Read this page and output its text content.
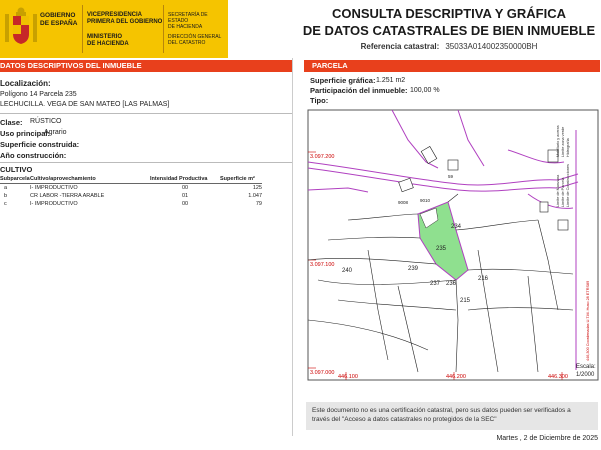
GOBIERNO
DE ESPAÑA
VICEPRESIDENCIA
PRIMERA DEL GOBIERNO
MINISTERIO
DE HACIENDA
SECRETARÍA DE ESTADO
DE HACIENDA
DIRECCIÓN GENERAL
DEL CATASTRO
CONSULTA DESCRIPTIVA Y GRÁFICA
DE DATOS CATASTRALES DE BIEN INMUEBLE
Referencia catastral: 35033A014002350000BH
DATOS DESCRIPTIVOS DEL INMUEBLE
Localización:
Polígono 14 Parcela 235
LECHUCILLA. VEGA DE SAN MATEO [LAS PALMAS]
Clase: RÚSTICO
Uso principal:
Agrario
Superficie construida:
Año construcción:
CULTIVO
Subparcela	Cultivo/aprovechamiento	Intensidad Productiva	Superficie m²
a	I- IMPRODUCTIVO	00	125
b	CR LABOR -TIERRA ARABLE	01	1.047
c	I- IMPRODUCTIVO	00	79
PARCELA
Superficie gráfica: 1.251 m2
Participación del inmueble: 100,00 %
Tipo:
3.097.200
3.097.100
3.097.000
446.100	446.200	446.300
234
235
239
240
237 236
216
215
9008	9010
59	Límite de Manzana Límite de Parcela Límite de Construcciones
Mobiliario y aceras Límite zona verde Hidrografía
446,300 Coordenadas U.T.M. Huso 28 ETRS89
Escala:
1/2000
Este documento no es una certificación catastral, pero sus datos pueden ser verificados a
través del "Acceso a datos catastrales no protegidos de la SEC"
Martes , 2 de Diciembre de 2025
